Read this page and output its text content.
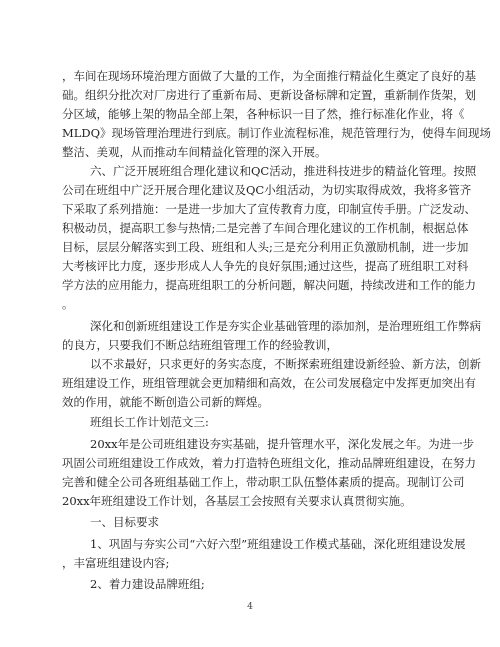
，车间在现场环境治理方面做了大量的工作，为全面推行精益化生奠定了良好的基
础。组织分批次对厂房进行了重新布局、更新设备标牌和定置，重新制作货架，划
分区域，能够上架的物品全部上架，各种标识一目了然，推行标准化作业，将《
MLDQ》现场管理治理进行到底。制订作业流程标准，规范管理行为，使得车间现场
整洁、美观，从而推动车间精益化管理的深入开展。
六、广泛开展班组合理化建议和QC活动，推进科技进步的精益化管理。按照
公司在班组中广泛开展合理化建议及QC小组活动，为切实取得成效，我将多管齐
下采取了系列措施：一是进一步加大了宣传教育力度，印制宣传手册。广泛发动、
积极动员，提高职工参与热情;二是完善了车间合理化建议的工作机制，根据总体
目标，层层分解落实到工段、班组和人头;三是充分利用正负激励机制，进一步加
大考核评比力度，逐步形成人人争先的良好氛围;通过这些，提高了班组职工对科
学方法的应用能力，提高班组职工的分析问题，解决问题，持续改进和工作的能力
。
深化和创新班组建设工作是夯实企业基础管理的添加剂，是治理班组工作弊病
的良方，只要我们不断总结班组管理工作的经验教训，
以不求最好，只求更好的务实态度，不断探索班组建设新经验、新方法，创新
班组建设工作，班组管理就会更加精细和高效，在公司发展稳定中发挥更加突出有
效的作用，就能不断创造公司新的辉煌。
班组长工作计划范文三:
20xx年是公司班组建设夯实基础，提升管理水平，深化发展之年。为进一步
巩固公司班组建设工作成效，着力打造特色班组文化，推动品牌班组建设，在努力
完善和健全公司各班组基础工作上，带动职工队伍整体素质的提高。现制订公司
20xx年班组建设工作计划，各基层工会按照有关要求认真贯彻实施。
一、目标要求
1、巩固与夯实公司“六好六型”班组建设工作模式基础，深化班组建设发展
，丰富班组建设内容;
2、着力建设品牌班组;
4
